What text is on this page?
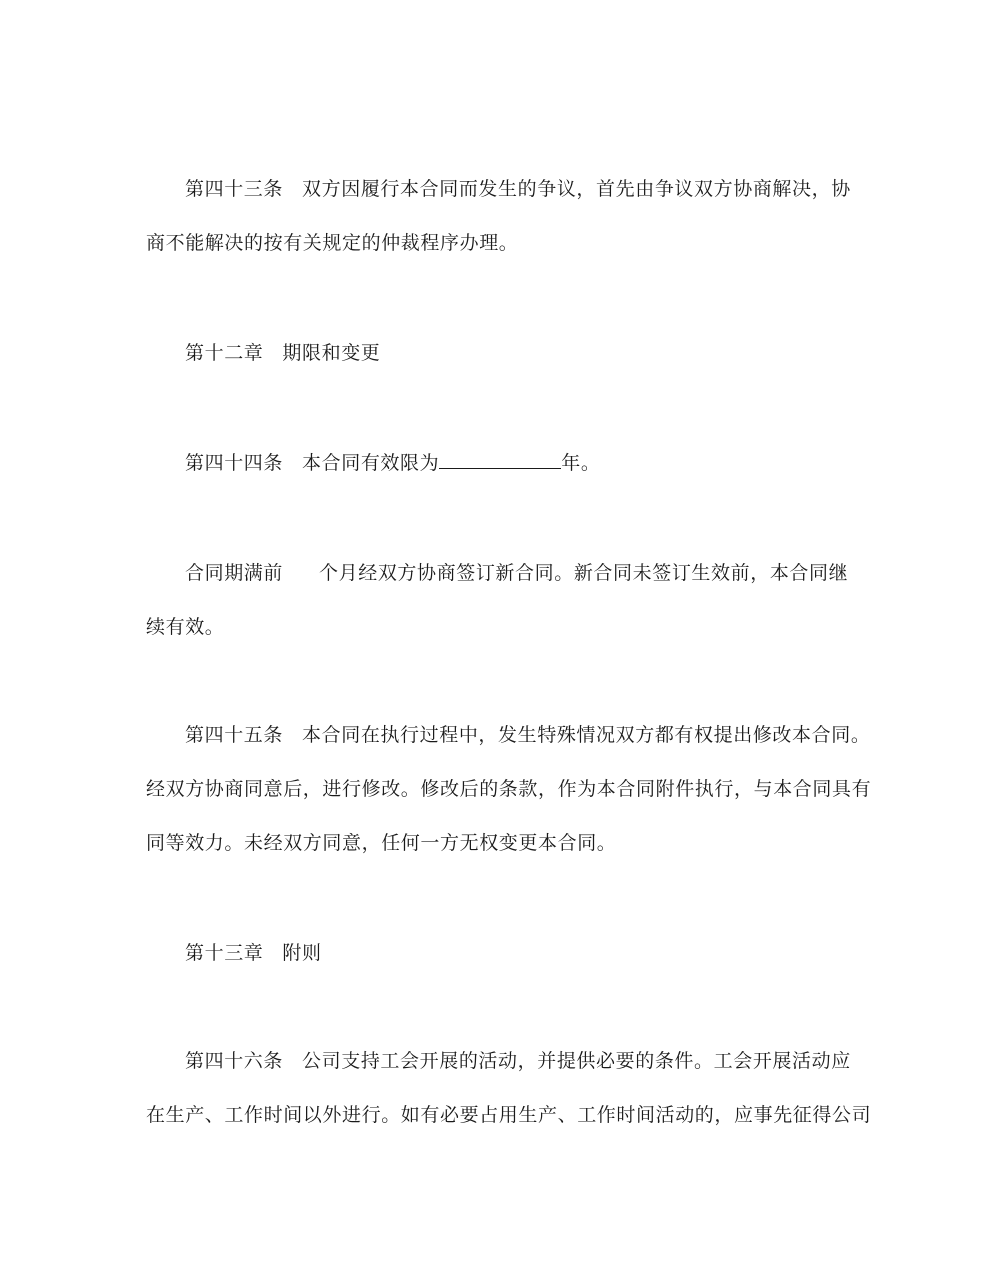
第四十三条 双方因履行本合同而发生的争议，首先由争议双方协商解决，协
商不能解决的按有关规定的仲裁程序办理。
第十二章 期限和变更
第四十四条 本合同有效限为	年。
合同期满前 个月经双方协商签订新合同。新合同未签订生效前，本合同继
续有效。
第四十五条 本合同在执行过程中，发生特殊情况双方都有权提出修改本合同。
经双方协商同意后，进行修改。修改后的条款，作为本合同附件执行，与本合同具有
同等效力。未经双方同意，任何一方无权变更本合同。
第十三章 附则
第四十六条 公司支持工会开展的活动，并提供必要的条件。工会开展活动应
在生产、工作时间以外进行。如有必要占用生产、工作时间活动的，应事先征得公司
